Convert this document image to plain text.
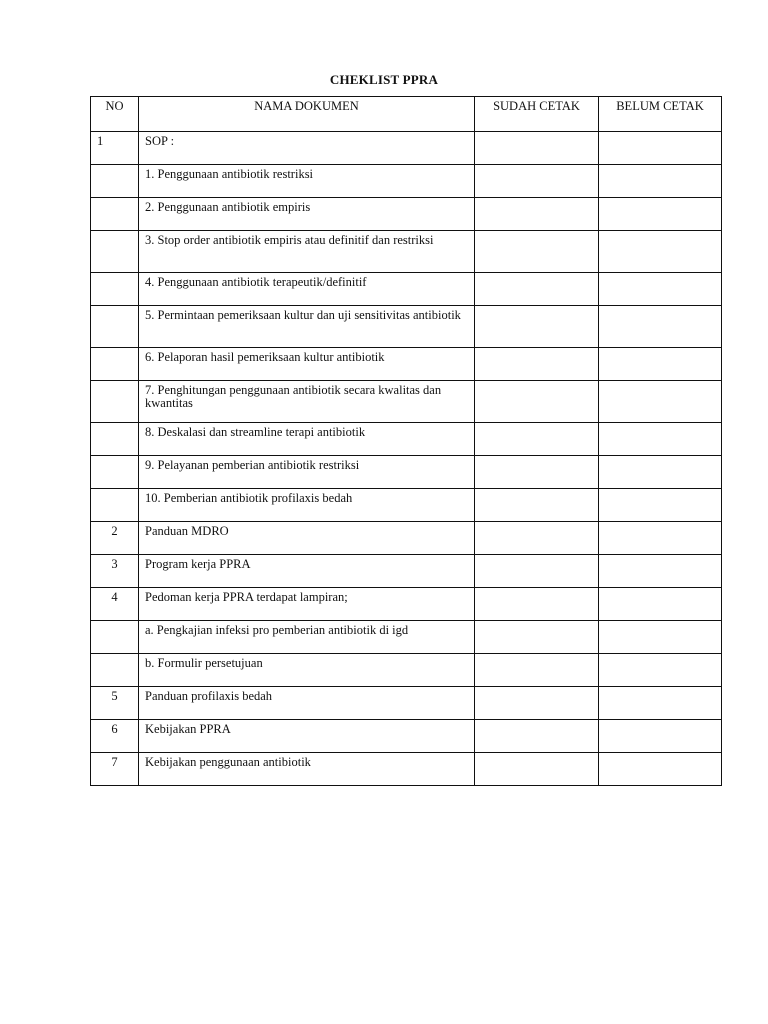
CHEKLIST PPRA
NO	NAMA DOKUMEN	SUDAH CETAK	BELUM CETAK
1	SOP :		
	1. Penggunaan antibiotik restriksi		
	2. Penggunaan antibiotik empiris		
	3. Stop order antibiotik empiris atau definitif dan restriksi		
	4. Penggunaan antibiotik terapeutik/definitif		
	5. Permintaan pemeriksaan kultur dan uji sensitivitas antibiotik		
	6. Pelaporan hasil pemeriksaan kultur antibiotik		
	7. Penghitungan penggunaan antibiotik secara kwalitas dan kwantitas		
	8. Deskalasi dan streamline terapi antibiotik		
	9. Pelayanan pemberian antibiotik restriksi		
	10. Pemberian antibiotik profilaxis bedah		
2	Panduan MDRO		
3	Program kerja PPRA		
4	Pedoman kerja PPRA terdapat lampiran;		
	a. Pengkajian infeksi pro pemberian antibiotik di igd		
	b. Formulir persetujuan		
5	Panduan profilaxis bedah		
6	Kebijakan PPRA		
7	Kebijakan penggunaan antibiotik		
